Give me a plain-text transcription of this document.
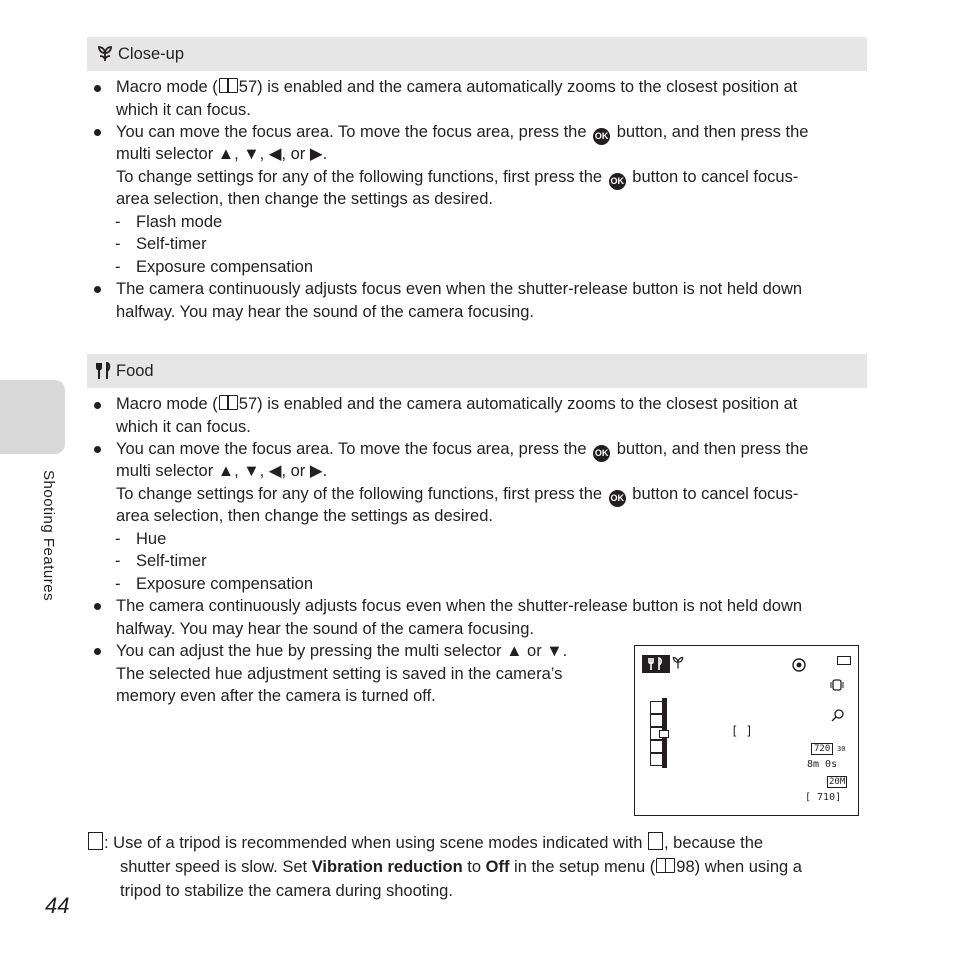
Close-up
Macro mode ( 57) is enabled and the camera automatically zooms to the closest position at
which it can focus.
You can move the focus area. To move the focus area, press the OK button, and then press the
multi selector ▲, ▼, ◀, or ▶.
To change settings for any of the following functions, first press the OK button to cancel focus-
area selection, then change the settings as desired.
- Flash mode
- Self-timer
- Exposure compensation
The camera continuously adjusts focus even when the shutter-release button is not held down
halfway. You may hear the sound of the camera focusing.
Food
Macro mode ( 57) is enabled and the camera automatically zooms to the closest position at
which it can focus.
You can move the focus area. To move the focus area, press the OK button, and then press the
multi selector ▲, ▼, ◀, or ▶.
To change settings for any of the following functions, first press the OK button to cancel focus-
area selection, then change the settings as desired.
- Hue
- Self-timer
- Exposure compensation
The camera continuously adjusts focus even when the shutter-release button is not held down
halfway. You may hear the sound of the camera focusing.
You can adjust the hue by pressing the multi selector ▲ or ▼.
The selected hue adjustment setting is saved in the camera’s
memory even after the camera is turned off.
[ ]
720 30
8m 0s
20M
[ 710]
: Use of a tripod is recommended when using scene modes indicated with , because the
shutter speed is slow. Set Vibration reduction to Off in the setup menu ( 98) when using a
tripod to stabilize the camera during shooting.
Shooting Features
44
